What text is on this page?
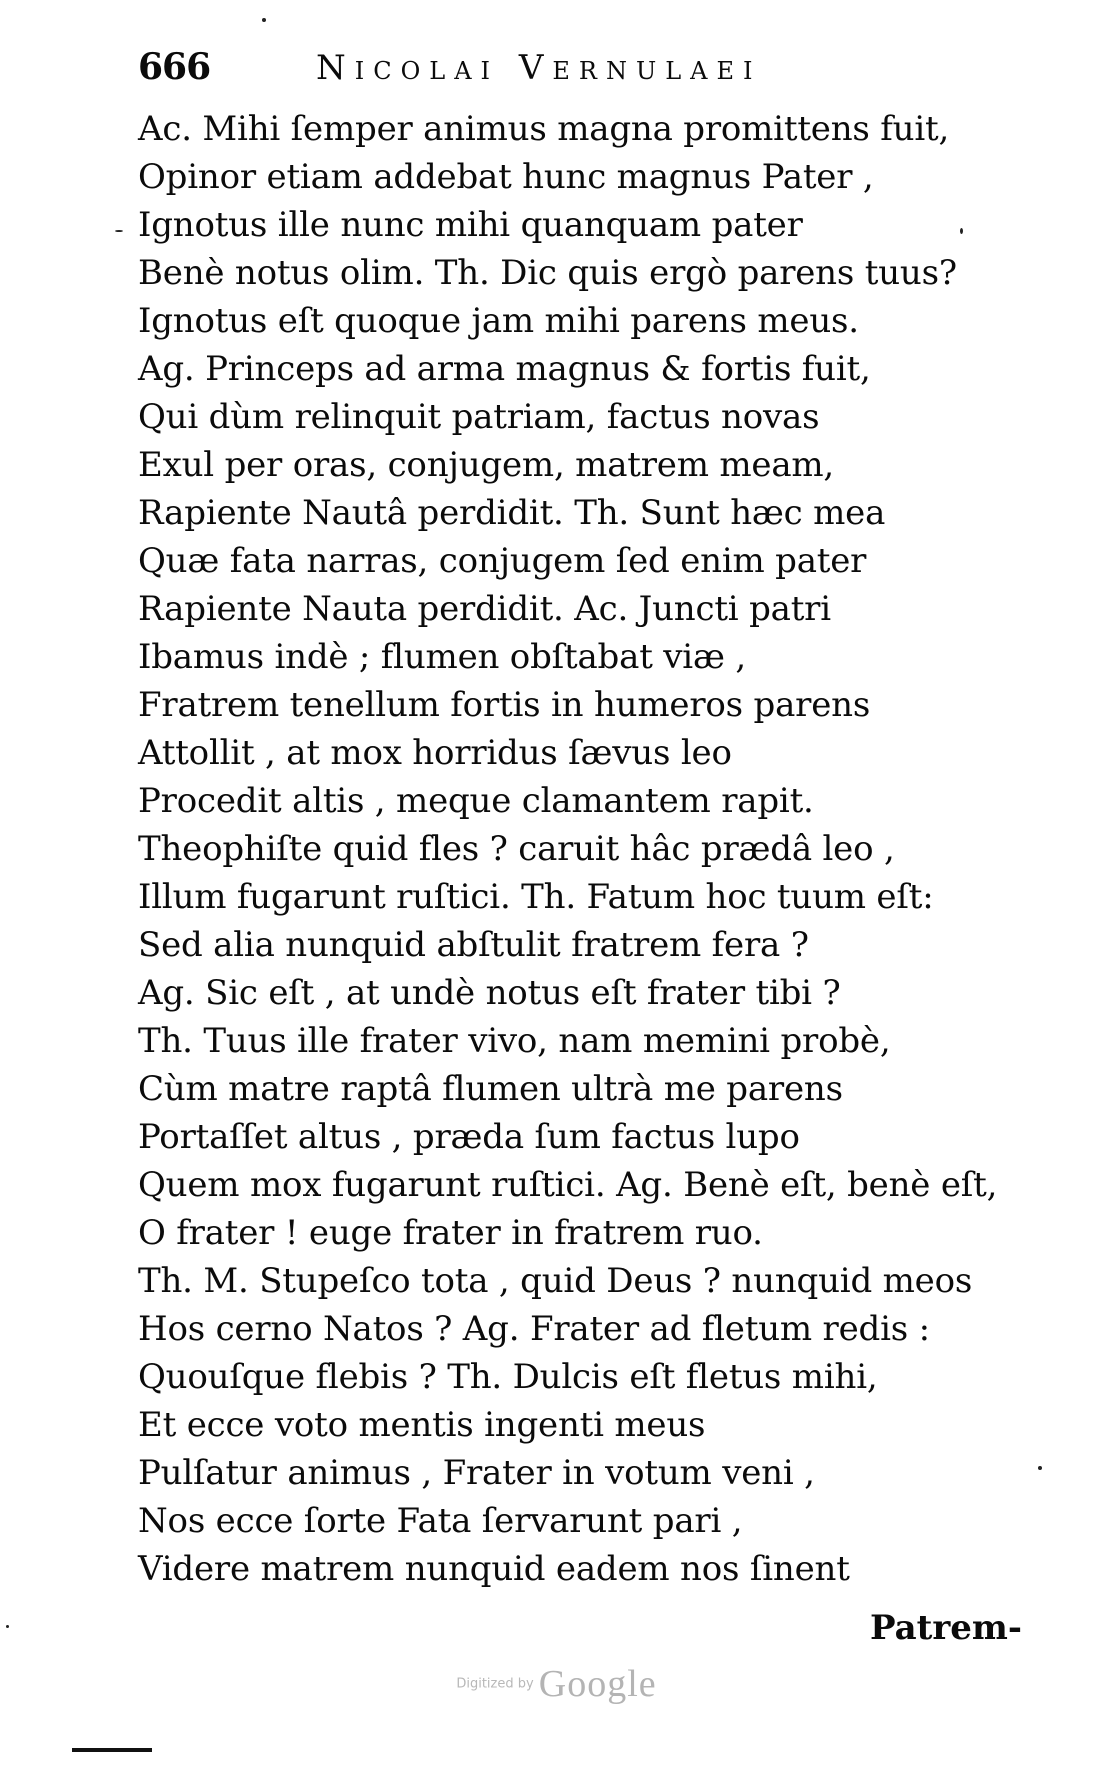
666	Nicolai Vernulaei
Ac. Mihi ſemper animus magna promittens fuit,
Opinor etiam addebat hunc magnus Pater ,
Ignotus ille nunc mihi quanquam pater
Benè notus olim. Th. Dic quis ergò parens tuus?
Ignotus eſt quoque jam mihi parens meus.
Ag. Princeps ad arma magnus & fortis fuit,
Qui dùm relinquit patriam, factus novas
Exul per oras, conjugem, matrem meam,
Rapiente Nautâ perdidit. Th. Sunt hæc mea
Quæ fata narras, conjugem ſed enim pater
Rapiente Nauta perdidit. Ac. Juncti patri
Ibamus indè ; flumen obſtabat viæ ,
Fratrem tenellum fortis in humeros parens
Attollit , at mox horridus ſævus leo
Procedit altis , meque clamantem rapit.
Theophiſte quid fles ? caruit hâc prædâ leo ,
Illum fugarunt ruſtici. Th. Fatum hoc tuum eſt:
Sed alia nunquid abſtulit fratrem fera ?
Ag. Sic eſt , at undè notus eſt frater tibi ?
Th. Tuus ille frater vivo, nam memini probè,
Cùm matre raptâ flumen ultrà me parens
Portaſſet altus , præda ſum factus lupo
Quem mox fugarunt ruſtici. Ag. Benè eſt, benè eſt,
O frater ! euge frater in fratrem ruo.
Th. M. Stupeſco tota , quid Deus ? nunquid meos
Hos cerno Natos ? Ag. Frater ad fletum redis :
Quouſque flebis ? Th. Dulcis eſt fletus mihi,
Et ecce voto mentis ingenti meus
Pulſatur animus , Frater in votum veni ,
Nos ecce ſorte Fata ſervarunt pari ,
Videre matrem nunquid eadem nos ſinent
Patrem-
Digitized by Google
